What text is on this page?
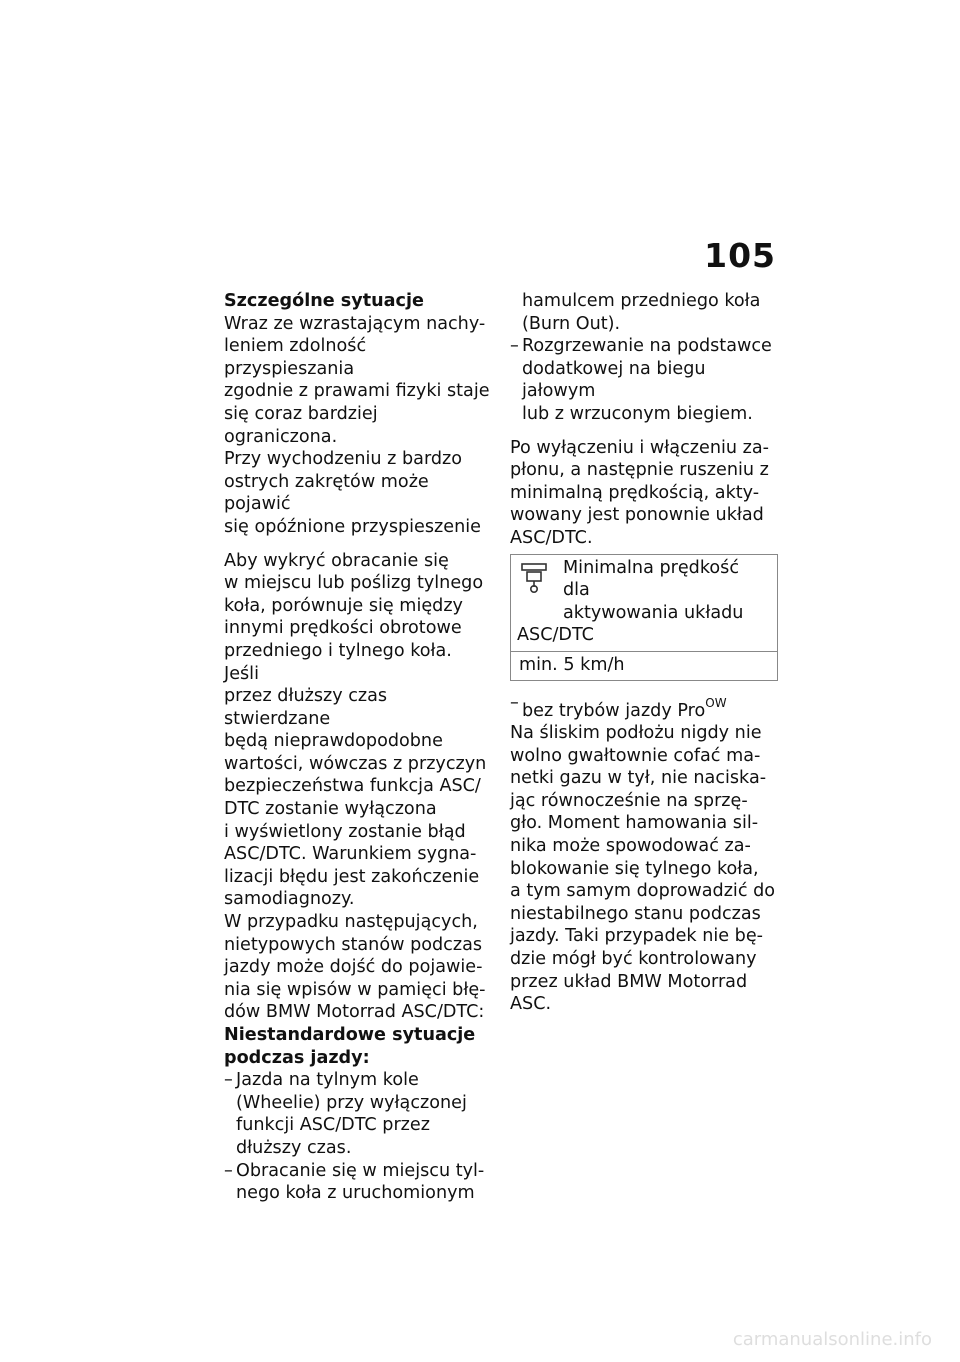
105

Szczególne sytuacje

Wraz ze wzrastającym nachy-

leniem zdolność przyspieszania

zgodnie z prawami fizyki staje

się coraz bardziej ograniczona.

Przy wychodzeniu z bardzo

ostrych zakrętów może pojawić

się opóźnione przyspieszenie

Aby wykryć obracanie się

w miejscu lub poślizg tylnego

koła, porównuje się między

innymi prędkości obrotowe

przedniego i tylnego koła. Jeśli

przez dłuższy czas stwierdzane

będą nieprawdopodobne

wartości, wówczas z przyczyn

bezpieczeństwa funkcja ASC/

DTC zostanie wyłączona

i wyświetlony zostanie błąd

ASC/DTC. Warunkiem sygna-

lizacji błędu jest zakończenie

samodiagnozy.

W przypadku następujących,

nietypowych stanów podczas

jazdy może dojść do pojawie-

nia się wpisów w pamięci błę-

dów BMW Motorrad ASC/DTC:

Niestandardowe sytuacje

podczas jazdy:

– Jazda na tylnym kole

(Wheelie) przy wyłączonej

funkcji ASC/DTC przez

dłuższy czas.

– Obracanie się w miejscu tyl-

nego koła z uruchomionym

hamulcem przedniego koła

(Burn Out).

– Rozgrzewanie na podstawce

dodatkowej na biegu jałowym

lub z wrzuconym biegiem.

Po wyłączeniu i włączeniu za-

płonu, a następnie ruszeniu z

minimalną prędkością, akty-

wowany jest ponownie układ

ASC/DTC.

Minimalna prędkość dla

aktywowania układu

ASC/DTC

min. 5 km/h

– bez trybów jazdy Pro$^{OW}$

Na śliskim podłożu nigdy nie

wolno gwałtownie cofać ma-

netki gazu w tył, nie naciska-

jąc równocześnie na sprzę-

gło. Moment hamowania sil-

nika może spowodować za-

blokowanie się tylnego koła,

a tym samym doprowadzić do

niestabilnego stanu podczas

jazdy. Taki przypadek nie bę-

dzie mógł być kontrolowany

przez układ BMW Motorrad

ASC.

carmanualsonline.info
